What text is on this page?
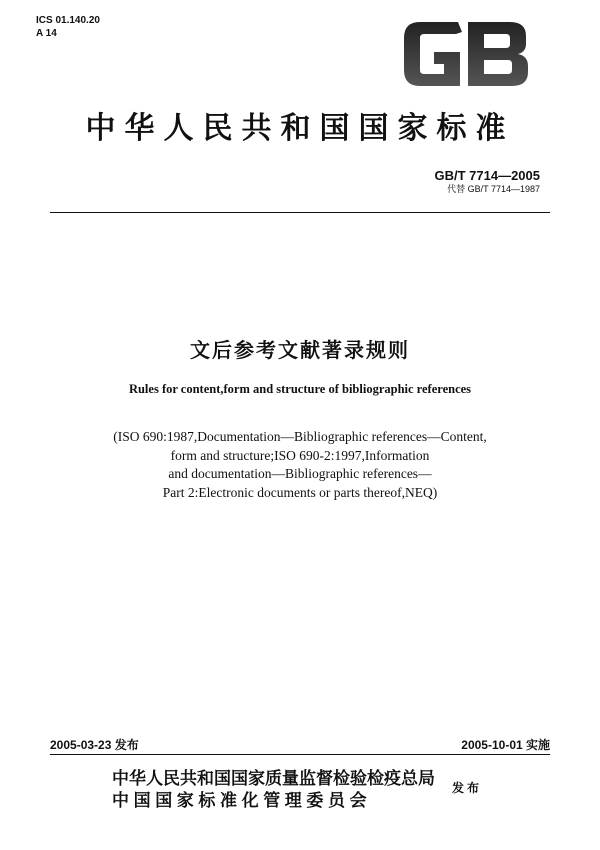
ICS 01.140.20
A 14
中华人民共和国国家标准
GB/T 7714—2005
代替 GB/T 7714—1987
文后参考文献著录规则
Rules for content,form and structure of bibliographic references
(ISO 690:1987,Documentation—Bibliographic references—Content,
form and structure;ISO 690-2:1997,Information
and documentation—Bibliographic references—
Part 2:Electronic documents or parts thereof,NEQ)
2005-03-23 发布	2005-10-01 实施
中华人民共和国国家质量监督检验检疫总局
中国国家标准化管理委员会
发布
